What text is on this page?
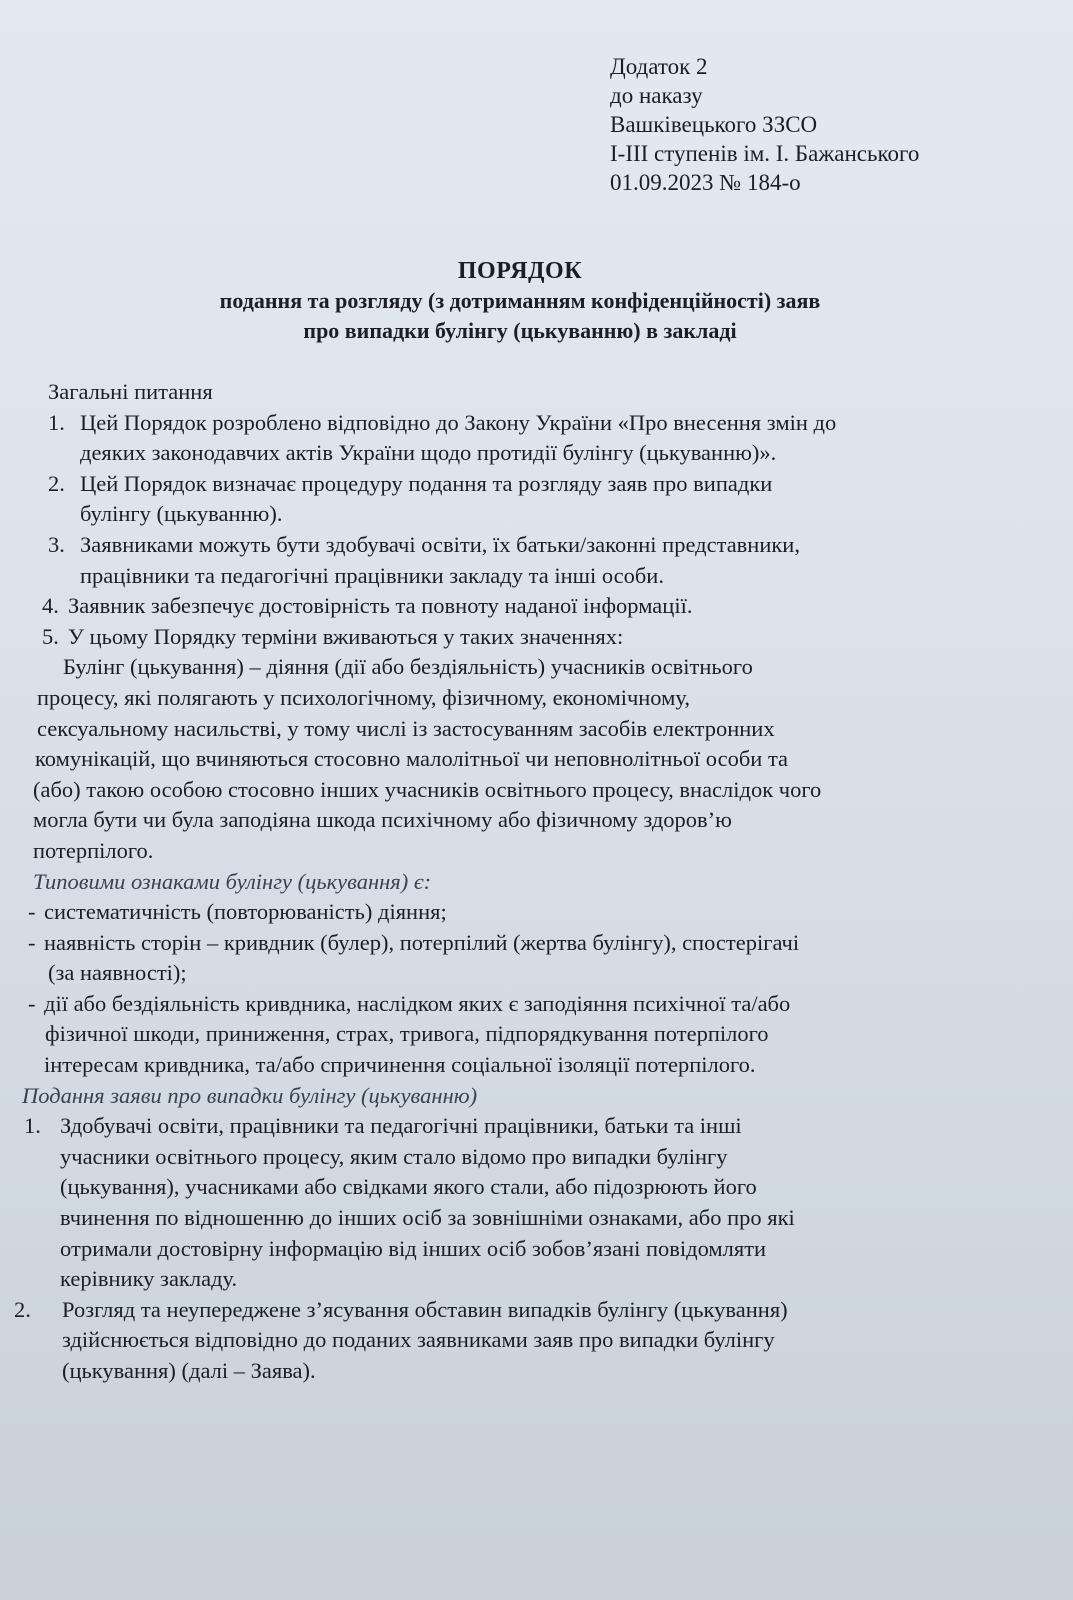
Додаток 2
до наказу
Вашківецького ЗЗСО
I-III ступенів ім. І. Бажанського
01.09.2023 № 184-о
ПОРЯДОК
подання та розгляду (з дотриманням конфіденційності) заяв
про випадки булінгу (цькуванню) в закладі
Загальні питання
1. Цей Порядок розроблено відповідно до Закону України «Про внесення змін до
деяких законодавчих актів України щодо протидії булінгу (цькуванню)».
2. Цей Порядок визначає процедуру подання та розгляду заяв про випадки
булінгу (цькуванню).
3. Заявниками можуть бути здобувачі освіти, їх батьки/законні представники,
працівники та педагогічні працівники закладу та інші особи.
4. Заявник забезпечує достовірність та повноту наданої інформації.
5. У цьому Порядку терміни вживаються у таких значеннях:
Булінг (цькування) – діяння (дії або бездіяльність) учасників освітнього
процесу, які полягають у психологічному, фізичному, економічному,
сексуальному насильстві, у тому числі із застосуванням засобів електронних
комунікацій, що вчиняються стосовно малолітньої чи неповнолітньої особи та
(або) такою особою стосовно інших учасників освітнього процесу, внаслідок чого
могла бути чи була заподіяна шкода психічному або фізичному здоров’ю
потерпілого.
Типовими ознаками булінгу (цькування) є:
- систематичність (повторюваність) діяння;
- наявність сторін – кривдник (булер), потерпілий (жертва булінгу), спостерігачі
(за наявності);
- дії або бездіяльність кривдника, наслідком яких є заподіяння психічної та/або
фізичної шкоди, приниження, страх, тривога, підпорядкування потерпілого
інтересам кривдника, та/або спричинення соціальної ізоляції потерпілого.
Подання заяви про випадки булінгу (цькуванню)
1. Здобувачі освіти, працівники та педагогічні працівники, батьки та інші
учасники освітнього процесу, яким стало відомо про випадки булінгу
(цькування), учасниками або свідками якого стали, або підозрюють його
вчинення по відношенню до інших осіб за зовнішніми ознаками, або про які
отримали достовірну інформацію від інших осіб зобов’язані повідомляти
керівнику закладу.
2.	Розгляд та неупереджене з’ясування обставин випадків булінгу (цькування)
здійснюється відповідно до поданих заявниками заяв про випадки булінгу
(цькування) (далі – Заява).
